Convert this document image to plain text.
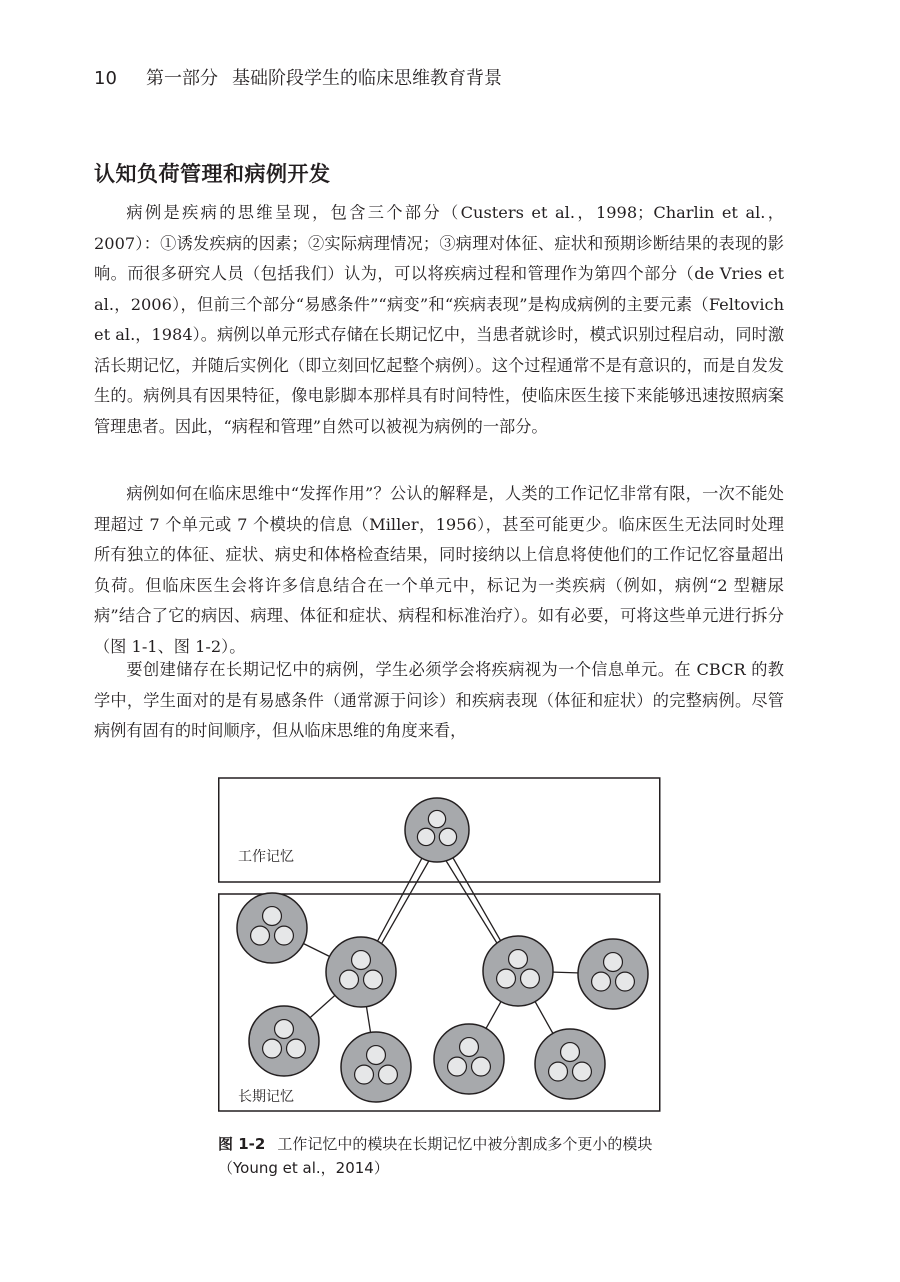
10 第一部分 基础阶段学生的临床思维教育背景
认知负荷管理和病例开发

病例是疾病的思维呈现，包含三个部分（Custers et al.，1998；Charlin et al.，2007）：①诱发疾病的因素；②实际病理情况；③病理对体征、症状和预期诊断结果的表现的影响。而很多研究人员（包括我们）认为，可以将疾病过程和管理作为第四个部分（de Vries et al.，2006），但前三个部分“易感条件”“病变”和“疾病表现”是构成病例的主要元素（Feltovich et al.，1984）。病例以单元形式存储在长期记忆中，当患者就诊时，模式识别过程启动，同时激活长期记忆，并随后实例化（即立刻回忆起整个病例）。这个过程通常不是有意识的，而是自发发生的。病例具有因果特征，像电影脚本那样具有时间特性，使临床医生接下来能够迅速按照病案管理患者。因此，“病程和管理”自然可以被视为病例的一部分。

病例如何在临床思维中“发挥作用”？公认的解释是，人类的工作记忆非常有限，一次不能处理超过 7 个单元或 7 个模块的信息（Miller，1956），甚至可能更少。临床医生无法同时处理所有独立的体征、症状、病史和体格检查结果，同时接纳以上信息将使他们的工作记忆容量超出负荷。但临床医生会将许多信息结合在一个单元中，标记为一类疾病（例如，病例“2 型糖尿病”结合了它的病因、病理、体征和症状、病程和标准治疗）。如有必要，可将这些单元进行拆分（图 1-1、图 1-2）。

要创建储存在长期记忆中的病例，学生必须学会将疾病视为一个信息单元。在 CBCR 的教学中，学生面对的是有易感条件（通常源于问诊）和疾病表现（体征和症状）的完整病例。尽管病例有固有的时间顺序，但从临床思维的角度来看，

工作记忆
长期记忆

图 1-2 工作记忆中的模块在长期记忆中被分割成多个更小的模块（Young et al.，2014）
